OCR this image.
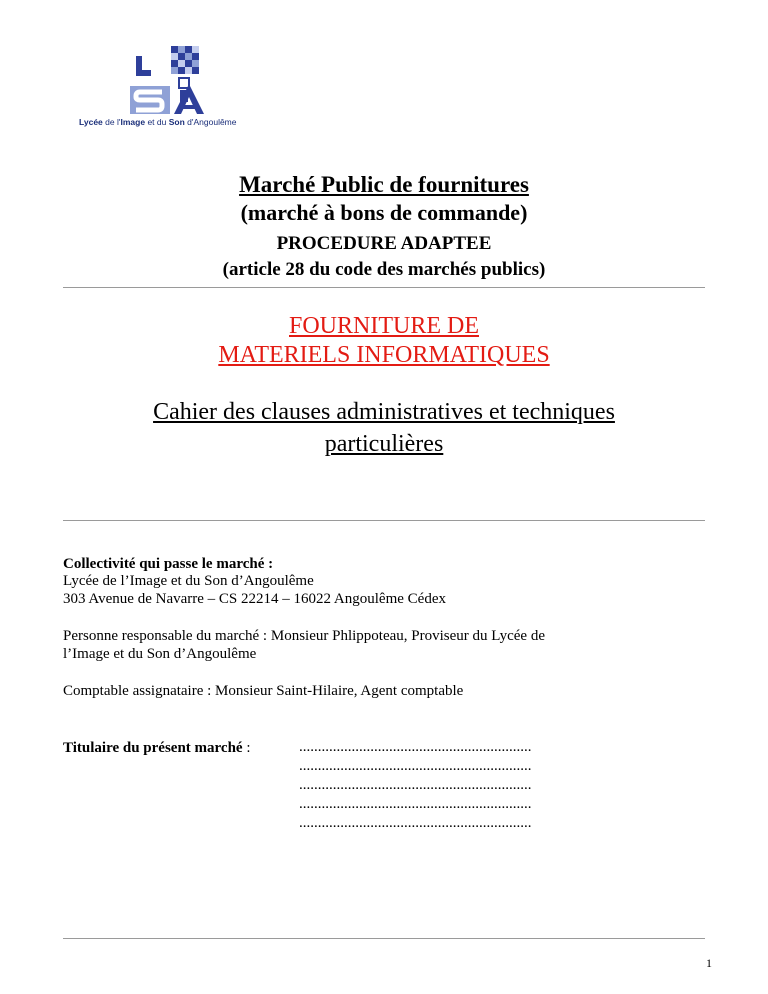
Lycée de l'Image et du Son d'Angoulême
Marché Public de fournitures
(marché à bons de commande)
PROCEDURE ADAPTEE
(article 28 du code des marchés publics)
FOURNITURE DE
MATERIELS INFORMATIQUES
Cahier des clauses administratives et techniques
particulières
Collectivité qui passe le marché :
Lycée de l’Image et du Son d’Angoulême
303 Avenue de Navarre – CS 22214 – 16022 Angoulême Cédex
Personne responsable du marché : Monsieur Phlippoteau, Proviseur du Lycée de
l’Image et du Son d’Angoulême
Comptable assignataire : Monsieur Saint-Hilaire, Agent comptable
Titulaire du présent marché :	..............................................................
..............................................................
..............................................................
..............................................................
..............................................................
1
